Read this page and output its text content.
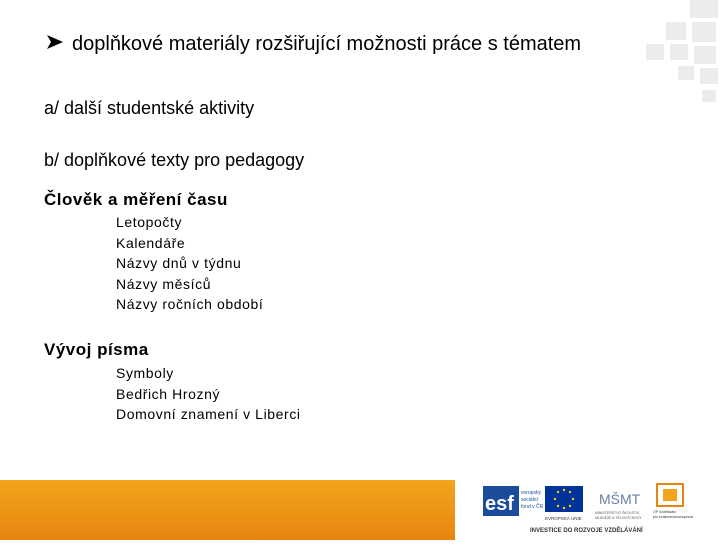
doplňkové materiály rozšiřující možnosti práce s tématem
a/ další studentské aktivity
b/ doplňkové texty pro pedagogy
Člověk a měření času
Letopočty
Kalendáře
Názvy dnů v týdnu
Názvy měsíců
Názvy ročních období
Vývoj písma
Symboly
Bedřich Hrozný
Domovní znamení v Liberci
esf evropský
sociální
fond v ČR
EVROPSKÁ UNIE
MŠMT
MINISTERSTVO ŠKOLSTVÍ,
MLÁDEŽE A TĚLOVÝCHOVY
OP Vzdělávání
pro konkurenceschopnost
INVESTICE DO ROZVOJE VZDĚLÁVÁNÍ
